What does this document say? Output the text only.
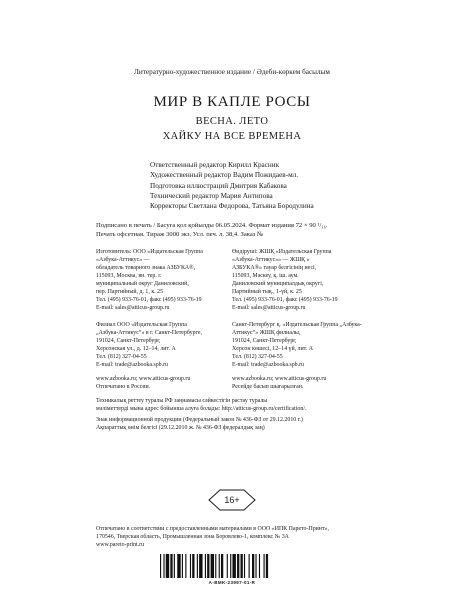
Литературно-художественное издание / Әдеби-көркем басылым
МИР В КАПЛЕ РОСЫ
ВЕСНА. ЛЕТО
ХАЙКУ НА ВСЕ ВРЕМЕНА
Ответственный редактор Кирилл Красник
Художественный редактор Вадим Пожидаев-мл.
Подготовка иллюстраций Дмитрия Кабакова
Технический редактор Мария Антипова
Корректоры Светлана Федорова, Татьяна Бородулина
Подписано в печать / Басуға қол қойылды 06.05.2024. Формат издания 72 × 90 ¹/₁₆.
Печать офсетная. Тираж 3000 экз. Усл. печ. л. 38,4. Заказ №
Изготовитель: ООО «Издательская Группа
«Азбука-Аттикус» —
обладатель товарного знака АЗБУКА®,
115093, Москва, вн. тер. г.
муниципальный округ Даниловский,
пер. Партийный, д. 1, к. 25
Тел. (495) 933-76-01, факс (495) 933-76-19
E-mail: sales@atticus-group.ru
Өндіруші: ЖШҚ «Издательская Группа
«Азбука-Аттикус»» — ЖШҚ «
АЗБУКА®» тауар белгісінің иесі,
115093, Мәскеу, қ. іш. аум.
Даниловский муниципалдық округі,
Партийный тық., 1-үй, к. 25
Тел. (495) 933-76-01, факс (495) 933-76-19
E-mail: sales@atticus-group.ru
Филиал ООО «Издательская Группа
„Азбука-Аттикус“» в г. Санкт-Петербурге,
191024, Санкт-Петербург,
Херсонская ул., д. 12–14, лит. А
Тел. (812) 327-04-55
E-mail: trade@azbooka.spb.ru
Санкт-Петербург қ. «Издательская Группа „Азбука-
Аттикус“» ЖШҚ филиалы,
191024, Санкт-Петербург,
Херсон көшесі, 12–14 үй, лит. А
Тел. (812) 327-04-55
E-mail: trade@azbooka.spb.ru
www.azbooka.ru; www.atticus-group.ru
Отпечатано в России.
www.azbooka.ru; www.atticus-group.ru
Ресейде басып шығарылған.
Техникалық реттеу туралы РФ заңнамасы сәйкестігін растау туралы
мәліметтерді мына адрес бойынша алуға болады: http://atticus-group.ru/certification/.
Знак информационной продукции (Федеральный закон № 436-ФЗ от 29.12.2010 г.)
Ақпараттық өнім белгісі (29.12.2010 ж. № 436-ФЗ федералдық заң)
16+
Отпечатано в соответствии с предоставленными материалами в ООО «ИПК Парето-Принт»,
170546, Тверская область, Промышленная зона Боровлево-1, комплекс № 3А
www.pareto-print.ru
A-BMK-23997-01-R
